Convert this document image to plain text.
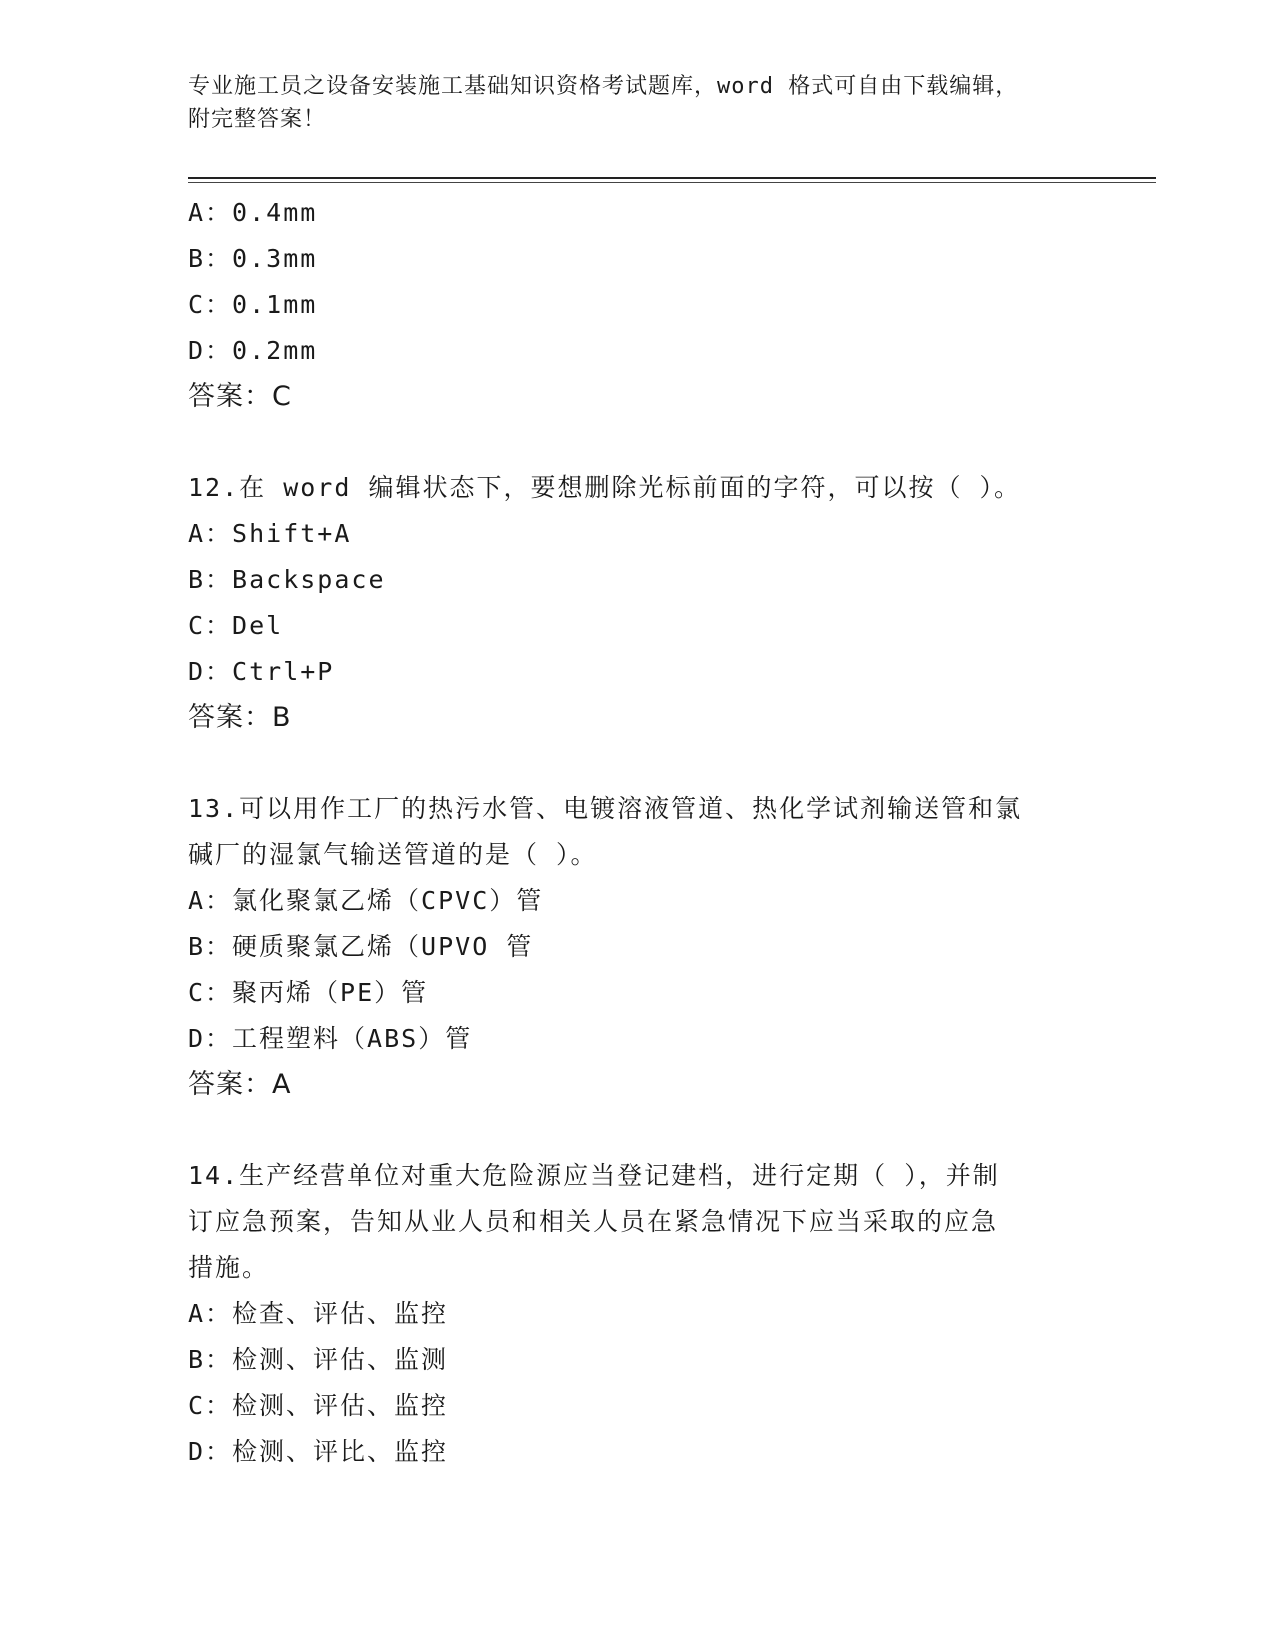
专业施工员之设备安装施工基础知识资格考试题库，word 格式可自由下载编辑，
附完整答案！
A：0.4mm
B：0.3mm
C：0.1mm
D：0.2mm
答案：C
12.在 word 编辑状态下，要想删除光标前面的字符，可以按（ ）。
A：Shift+A
B：Backspace
C：Del
D：Ctrl+P
答案：B
13.可以用作工厂的热污水管、电镀溶液管道、热化学试剂输送管和氯
碱厂的湿氯气输送管道的是（ ）。
A：氯化聚氯乙烯（CPVC）管
B：硬质聚氯乙烯（UPVO 管
C：聚丙烯（PE）管
D：工程塑料（ABS）管
答案：A
14.生产经营单位对重大危险源应当登记建档，进行定期（ ），并制
订应急预案，告知从业人员和相关人员在紧急情况下应当采取的应急
措施。
A：检查、评估、监控
B：检测、评估、监测
C：检测、评估、监控
D：检测、评比、监控
